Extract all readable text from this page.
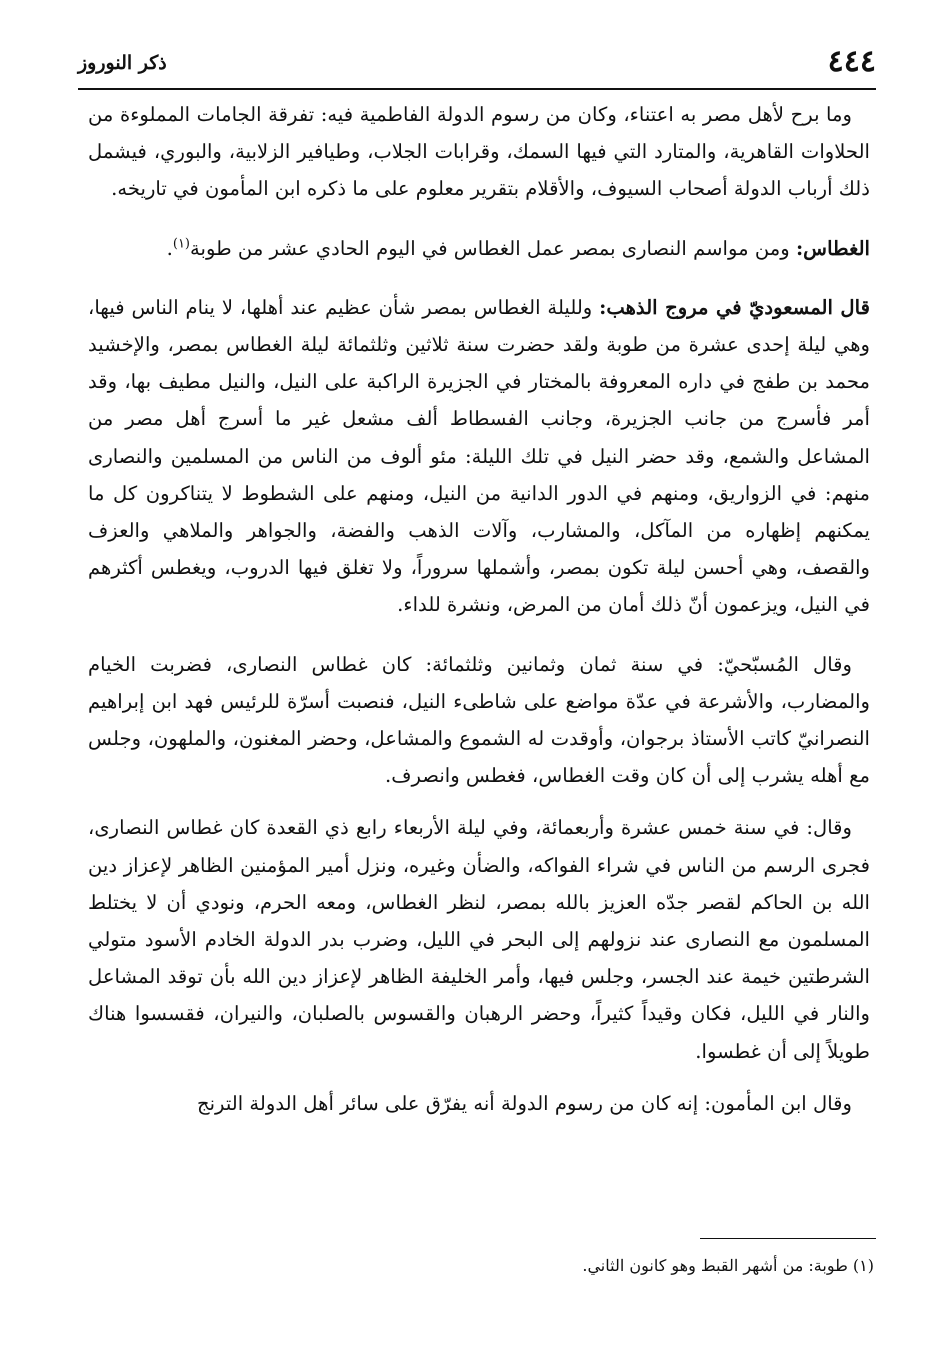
٤٤٤
ذكر النوروز

وما برح لأهل مصر به اعتناء، وكان من رسوم الدولة الفاطمية فيه: تفرقة الجامات المملوءة من الحلاوات القاهرية، والمتارد التي فيها السمك، وقرابات الجلاب، وطيافير الزلابية، والبوري، فيشمل ذلك أرباب الدولة أصحاب السيوف، والأقلام بتقرير معلوم على ما ذكره ابن المأمون في تاريخه.

الغطاس: ومن مواسم النصارى بمصر عمل الغطاس في اليوم الحادي عشر من طوبة$^{(١)}$.

قال المسعوديّ في مروج الذهب: ولليلة الغطاس بمصر شأن عظيم عند أهلها، لا ينام الناس فيها، وهي ليلة إحدى عشرة من طوبة ولقد حضرت سنة ثلاثين وثلثمائة ليلة الغطاس بمصر، والإخشيد محمد بن طفج في داره المعروفة بالمختار في الجزيرة الراكبة على النيل، والنيل مطيف بها، وقد أمر فأسرج من جانب الجزيرة، وجانب الفسطاط ألف مشعل غير ما أسرج أهل مصر من المشاعل والشمع، وقد حضر النيل في تلك الليلة: مئو ألوف من الناس من المسلمين والنصارى منهم: في الزواريق، ومنهم في الدور الدانية من النيل، ومنهم على الشطوط لا يتناكرون كل ما يمكنهم إظهاره من المآكل، والمشارب، وآلات الذهب والفضة، والجواهر والملاهي والعزف والقصف، وهي أحسن ليلة تكون بمصر، وأشملها سروراً، ولا تغلق فيها الدروب، ويغطس أكثرهم في النيل، ويزعمون أنّ ذلك أمان من المرض، ونشرة للداء.

وقال المُسبّحيّ: في سنة ثمان وثمانين وثلثمائة: كان غطاس النصارى، فضربت الخيام والمضارب، والأشرعة في عدّة مواضع على شاطىء النيل، فنصبت أسرّة للرئيس فهد ابن إبراهيم النصرانيّ كاتب الأستاذ برجوان، وأوقدت له الشموع والمشاعل، وحضر المغنون، والملهون، وجلس مع أهله يشرب إلى أن كان وقت الغطاس، فغطس وانصرف.

وقال: في سنة خمس عشرة وأربعمائة، وفي ليلة الأربعاء رابع ذي القعدة كان غطاس النصارى، فجرى الرسم من الناس في شراء الفواكه، والضأن وغيره، ونزل أمير المؤمنين الظاهر لإعزاز دين الله بن الحاكم لقصر جدّه العزيز بالله بمصر، لنظر الغطاس، ومعه الحرم، ونودي أن لا يختلط المسلمون مع النصارى عند نزولهم إلى البحر في الليل، وضرب بدر الدولة الخادم الأسود متولي الشرطتين خيمة عند الجسر، وجلس فيها، وأمر الخليفة الظاهر لإعزاز دين الله بأن توقد المشاعل والنار في الليل، فكان وقيداً كثيراً، وحضر الرهبان والقسوس بالصلبان، والنيران، فقسسوا هناك طويلاً إلى أن غطسوا.

وقال ابن المأمون: إنه كان من رسوم الدولة أنه يفرّق على سائر أهل الدولة الترنج

(١) طوبة: من أشهر القبط وهو كانون الثاني.
